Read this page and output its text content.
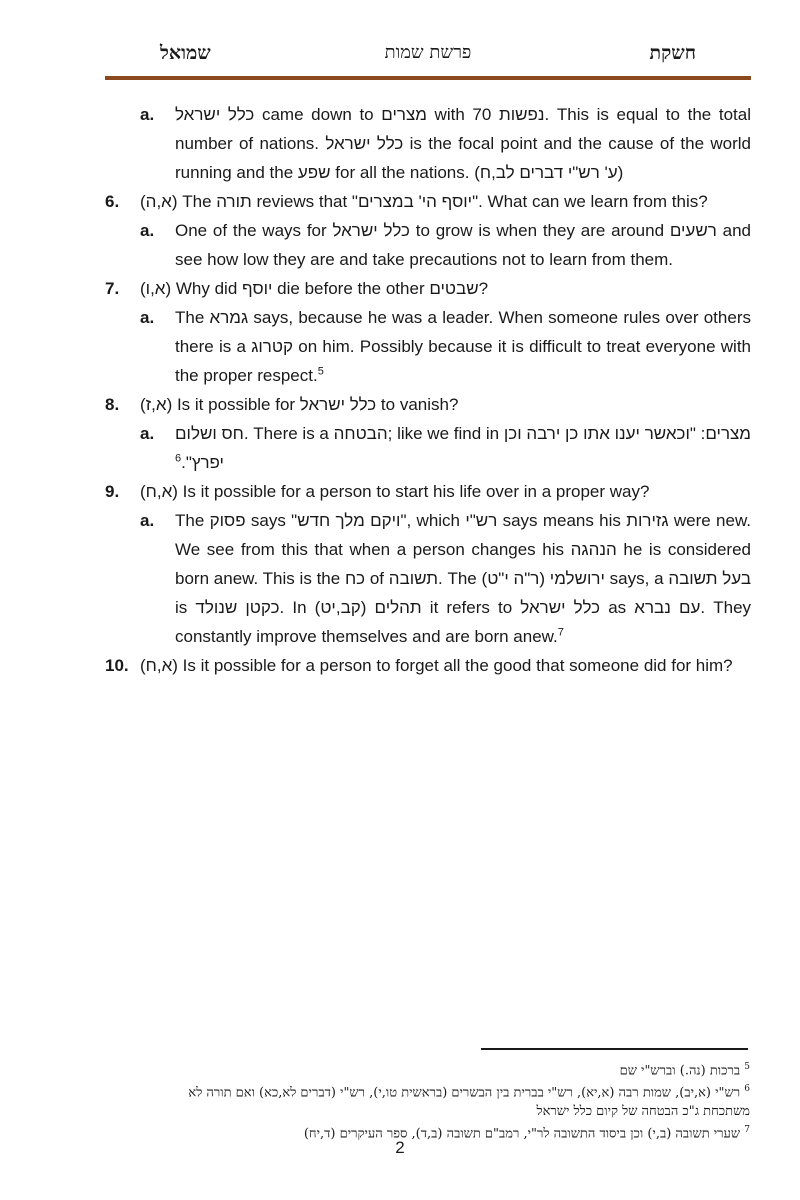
שמואל	פרשת שמות	חשקת
a. כלל ישראל came down to מצרים with 70 נפשות. This is equal to the total number of nations. כלל ישראל is the focal point and the cause of the world running and the שפע for all the nations. (ע' רש"י דברים לב,ח)
6. (א,ה) The תורה reviews that "יוסף הי' במצרים". What can we learn from this?
a. One of the ways for כלל ישראל to grow is when they are around רשעים and see how low they are and take precautions not to learn from them.
7. (א,ו) Why did יוסף die before the other שבטים?
a. The גמרא says, because he was a leader. When someone rules over others there is a קטרוג on him. Possibly because it is difficult to treat everyone with the proper respect.$^5$
8. (א,ז) Is it possible for כלל ישראל to vanish?
a. חס ושלום. There is a הבטחה; like we find in מצרים: "וכאשר יענו אתו כן ירבה וכן יפרץ".$^6$
9. (א,ח) Is it possible for a person to start his life over in a proper way?
a. The פסוק says "ויקם מלך חדש", which רש"י says means his גזירות were new. We see from this that when a person changes his הנהגה he is considered born anew. This is the כח of תשובה. The (ירושלמי (ר"ה י"ט says, a בעל תשובה is כקטן שנולד. In (קב,יט) תהלים it refers to כלל ישראל as עם נברא. They constantly improve themselves and are born anew.$^7$
10. (א,ח) Is it possible for a person to forget all the good that someone did for him?

$^5$ ברכות (נה.) וברש"י שם

$^6$ רש"י (א,יב), שמות רבה (א,יא), רש"י בברית בין הבשרים (בראשית טו,י), רש"י (דברים לא,כא) ואם תורה לא משתכחת ג"כ הבטחה של קיום כלל ישראל

$^7$ שערי תשובה (ב,י) וכן ביסוד התשובה לר"י, רמב"ם תשובה (ב,ד), ספר העיקרים (ד,יח)

2
